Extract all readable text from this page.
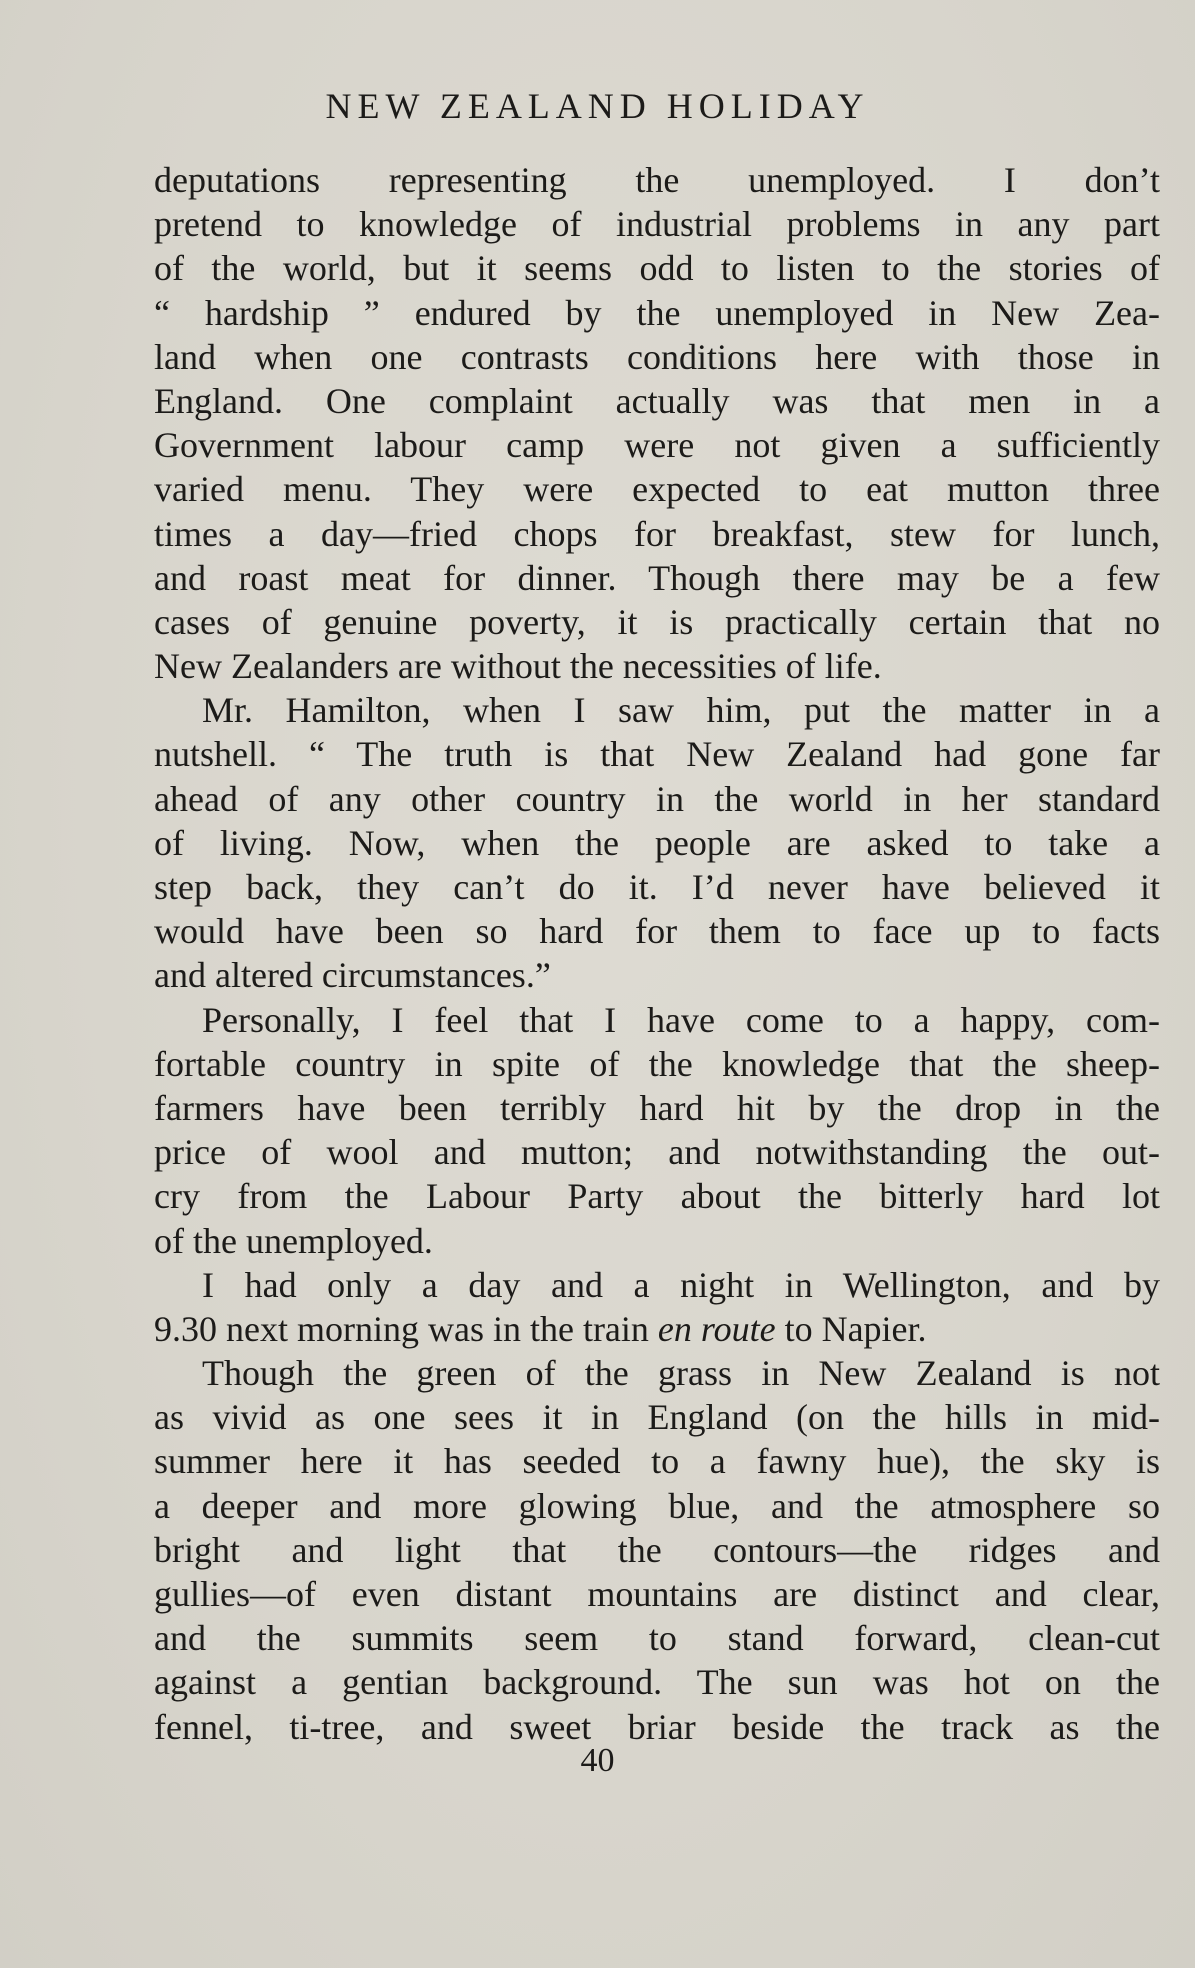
NEW ZEALAND HOLIDAY

deputations representing the unemployed. I don’t
pretend to knowledge of industrial problems in any part
of the world, but it seems odd to listen to the stories of
“ hardship ” endured by the unemployed in New Zea-
land when one contrasts conditions here with those in
England. One complaint actually was that men in a
Government labour camp were not given a sufficiently
varied menu. They were expected to eat mutton three
times a day—fried chops for breakfast, stew for lunch,
and roast meat for dinner. Though there may be a few
cases of genuine poverty, it is practically certain that no
New Zealanders are without the necessities of life.

Mr. Hamilton, when I saw him, put the matter in a
nutshell. “ The truth is that New Zealand had gone far
ahead of any other country in the world in her standard
of living. Now, when the people are asked to take a
step back, they can’t do it. I’d never have believed it
would have been so hard for them to face up to facts
and altered circumstances.”

Personally, I feel that I have come to a happy, com-
fortable country in spite of the knowledge that the sheep-
farmers have been terribly hard hit by the drop in the
price of wool and mutton; and notwithstanding the out-
cry from the Labour Party about the bitterly hard lot
of the unemployed.

I had only a day and a night in Wellington, and by
9.30 next morning was in the train en route to Napier.

Though the green of the grass in New Zealand is not
as vivid as one sees it in England (on the hills in mid-
summer here it has seeded to a fawny hue), the sky is
a deeper and more glowing blue, and the atmosphere so
bright and light that the contours—the ridges and
gullies—of even distant mountains are distinct and clear,
and the summits seem to stand forward, clean-cut
against a gentian background. The sun was hot on the
fennel, ti-tree, and sweet briar beside the track as the

40
